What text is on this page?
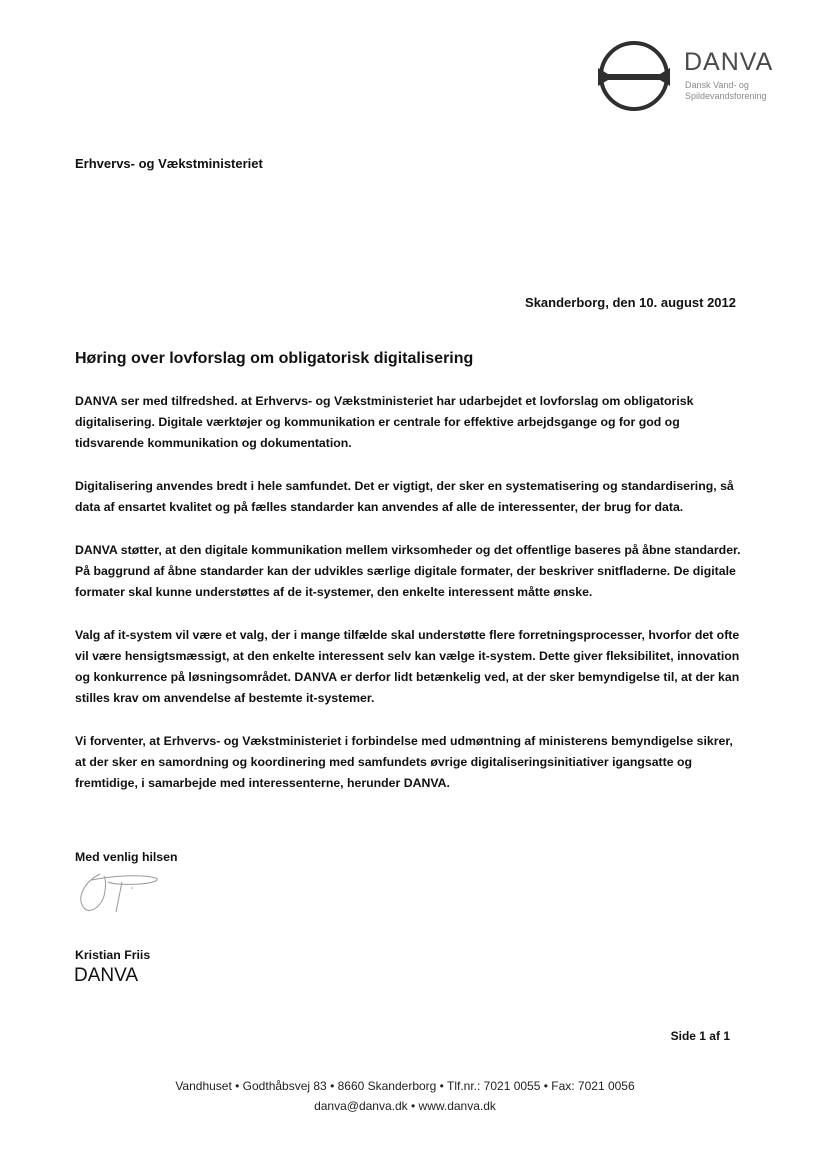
DANVA
Dansk Vand- og Spildevandsforening
Erhvervs- og Vækstministeriet
Skanderborg, den 10. august 2012
Høring over lovforslag om obligatorisk digitalisering

DANVA ser med tilfredshed. at Erhvervs- og Vækstministeriet har udarbejdet et lovforslag om obligatorisk digitalisering. Digitale værktøjer og kommunikation er centrale for effektive arbejdsgange og for god og tidsvarende kommunikation og dokumentation.

Digitalisering anvendes bredt i hele samfundet. Det er vigtigt, der sker en systematisering og standardisering, så data af ensartet kvalitet og på fælles standarder kan anvendes af alle de interessenter, der brug for data.

DANVA støtter, at den digitale kommunikation mellem virksomheder og det offentlige baseres på åbne standarder. På baggrund af åbne standarder kan der udvikles særlige digitale formater, der beskriver snitfladerne. De digitale formater skal kunne understøttes af de it-systemer, den enkelte interessent måtte ønske.

Valg af it-system vil være et valg, der i mange tilfælde skal understøtte flere forretningsprocesser, hvorfor det ofte vil være hensigtsmæssigt, at den enkelte interessent selv kan vælge it-system. Dette giver fleksibilitet, innovation og konkurrence på løsningsområdet. DANVA er derfor lidt betænkelig ved, at der sker bemyndigelse til, at der kan stilles krav om anvendelse af bestemte it-systemer.

Vi forventer, at Erhvervs- og Vækstministeriet i forbindelse med udmøntning af ministerens bemyndigelse sikrer, at der sker en samordning og koordinering med samfundets øvrige digitaliseringsinitiativer igangsatte og fremtidige, i samarbejde med interessenterne, herunder DANVA.

Med venlig hilsen
Kristian Friis
DANVA
Side 1 af 1
Vandhuset • Godthåbsvej 83 • 8660 Skanderborg • Tlf.nr.: 7021 0055 • Fax: 7021 0056
danva@danva.dk • www.danva.dk
